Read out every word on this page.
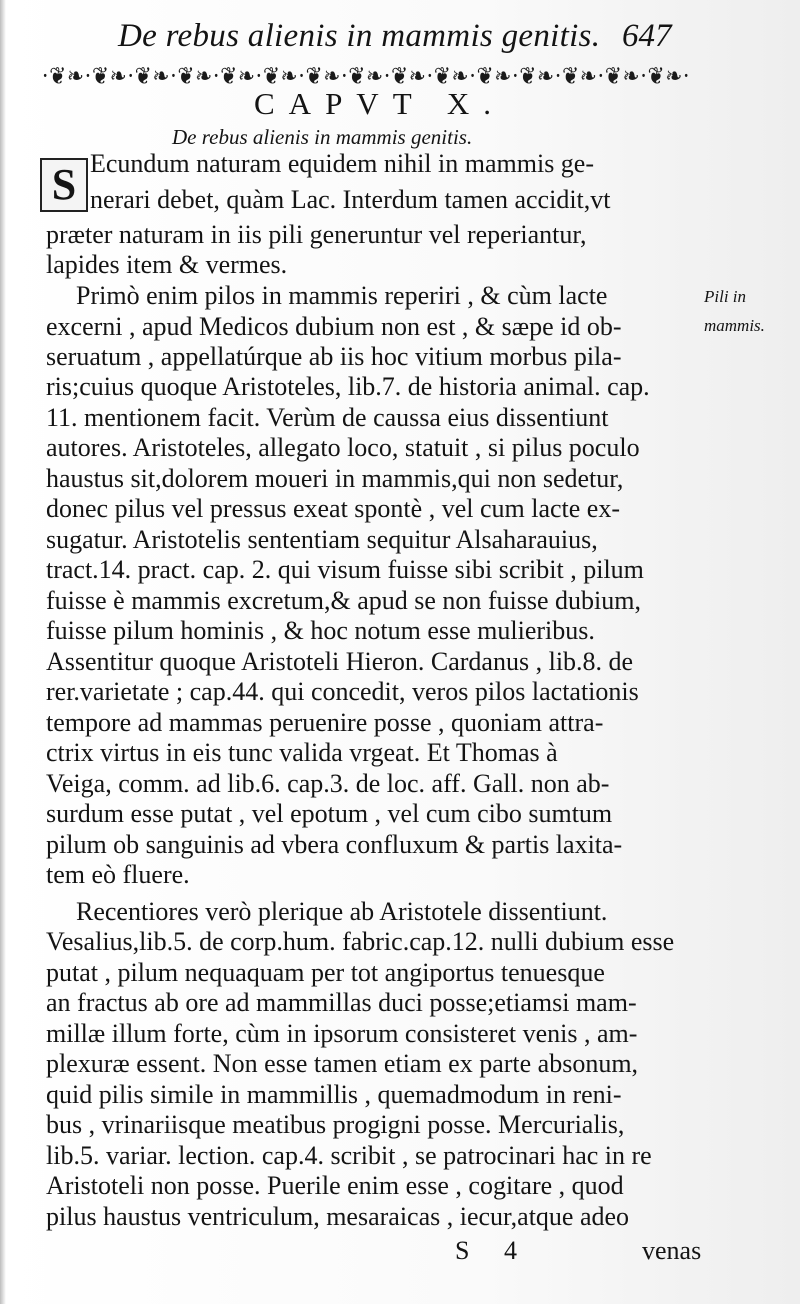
De rebus alienis in mammis genitis. 647
·❦❧·❦❧·❦❧·❦❧·❦❧·❦❧·❦❧·❦❧·❦❧·❦❧·❦❧·❦❧·❦❧·❦❧·❦❧·
CAPVT X.
De rebus alienis in mammis genitis.
S Ecundum naturam equidem nihil in mammis ge-
nerari debet, quàm Lac. Interdum tamen accidit,vt
præter naturam in iis pili generuntur vel reperiantur,
lapides item & vermes.
Primò enim pilos in mammis reperiri , & cùm lacte
excerni , apud Medicos dubium non est , & sæpe id ob-
seruatum , appellatúrque ab iis hoc vitium morbus pila-
ris;cuius quoque Aristoteles, lib.7. de historia animal. cap.
11. mentionem facit. Verùm de caussa eius dissentiunt
autores. Aristoteles, allegato loco, statuit , si pilus poculo
haustus sit,dolorem moueri in mammis,qui non sedetur,
donec pilus vel pressus exeat spontè , vel cum lacte ex-
sugatur. Aristotelis sententiam sequitur Alsaharauius,
tract.14. pract. cap. 2. qui visum fuisse sibi scribit , pilum
fuisse è mammis excretum,& apud se non fuisse dubium,
fuisse pilum hominis , & hoc notum esse mulieribus.
Assentitur quoque Aristoteli Hieron. Cardanus , lib.8. de
rer.varietate ; cap.44. qui concedit, veros pilos lactationis
tempore ad mammas peruenire posse , quoniam attra-
ctrix virtus in eis tunc valida vrgeat. Et Thomas à
Veiga, comm. ad lib.6. cap.3. de loc. aff. Gall. non ab-
surdum esse putat , vel epotum , vel cum cibo sumtum
pilum ob sanguinis ad vbera confluxum & partis laxita-
tem eò fluere.
Recentiores verò plerique ab Aristotele dissentiunt.
Vesalius,lib.5. de corp.hum. fabric.cap.12. nulli dubium esse
putat , pilum nequaquam per tot angiportus tenuesque
an fractus ab ore ad mammillas duci posse;etiamsi mam-
millæ illum forte, cùm in ipsorum consisteret venis , am-
plexuræ essent. Non esse tamen etiam ex parte absonum,
quid pilis simile in mammillis , quemadmodum in reni-
bus , vrinariisque meatibus progigni posse. Mercurialis,
lib.5. variar. lection. cap.4. scribit , se patrocinari hac in re
Aristoteli non posse. Puerile enim esse , cogitare , quod
pilus haustus ventriculum, mesaraicas , iecur,atque adeo
Pili in
mammis.
S 4	venas
